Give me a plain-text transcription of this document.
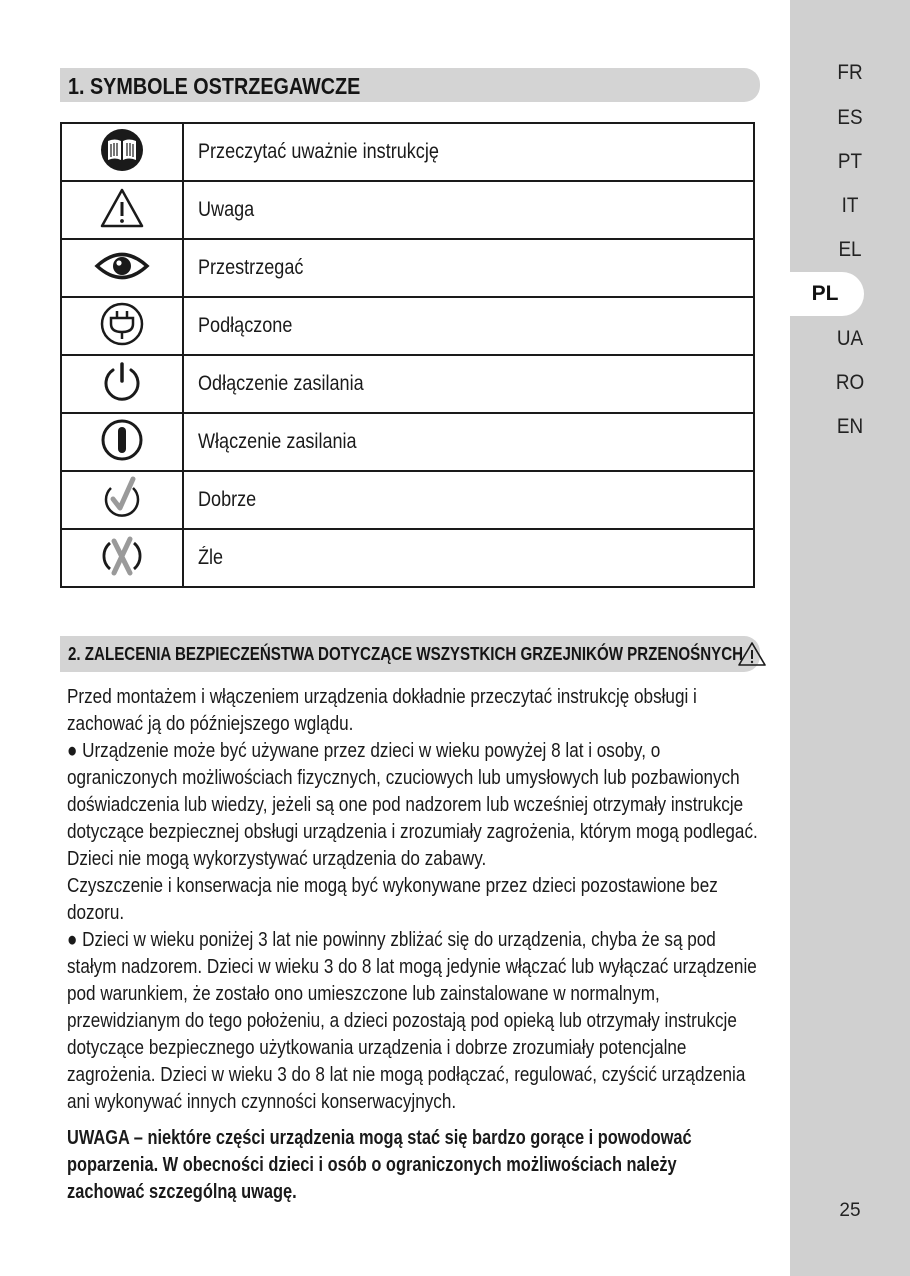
FR
ES
PT
IT
EL
PL
UA
RO
EN
25
1. SYMBOLE OSTRZEGAWCZE
	Przeczytać uważnie instrukcję
	Uwaga
	Przestrzegać
	Podłączone
	Odłączenie zasilania
	Włączenie zasilania
	Dobrze
	Źle
2. ZALECENIA BEZPIECZEŃSTWA DOTYCZĄCE WSZYSTKICH GRZEJNIKÓW PRZENOŚNYCH

Przed montażem i włączeniem urządzenia dokładnie przeczytać instrukcję obsługi i

zachować ją do późniejszego wglądu.

● Urządzenie może być używane przez dzieci w wieku powyżej 8 lat i osoby, o

ograniczonych możliwościach fizycznych, czuciowych lub umysłowych lub pozbawionych

doświadczenia lub wiedzy, jeżeli są one pod nadzorem lub wcześniej otrzymały instrukcje

dotyczące bezpiecznej obsługi urządzenia i zrozumiały zagrożenia, którym mogą podlegać.

Dzieci nie mogą wykorzystywać urządzenia do zabawy.

Czyszczenie i konserwacja nie mogą być wykonywane przez dzieci pozostawione bez

dozoru.

● Dzieci w wieku poniżej 3 lat nie powinny zbliżać się do urządzenia, chyba że są pod

stałym nadzorem. Dzieci w wieku 3 do 8 lat mogą jedynie włączać lub wyłączać urządzenie

pod warunkiem, że zostało ono umieszczone lub zainstalowane w normalnym,

przewidzianym do tego położeniu, a dzieci pozostają pod opieką lub otrzymały instrukcje

dotyczące bezpiecznego użytkowania urządzenia i dobrze zrozumiały potencjalne

zagrożenia. Dzieci w wieku 3 do 8 lat nie mogą podłączać, regulować, czyścić urządzenia

ani wykonywać innych czynności konserwacyjnych.

UWAGA – niektóre części urządzenia mogą stać się bardzo gorące i powodować

poparzenia. W obecności dzieci i osób o ograniczonych możliwościach należy

zachować szczególną uwagę.
